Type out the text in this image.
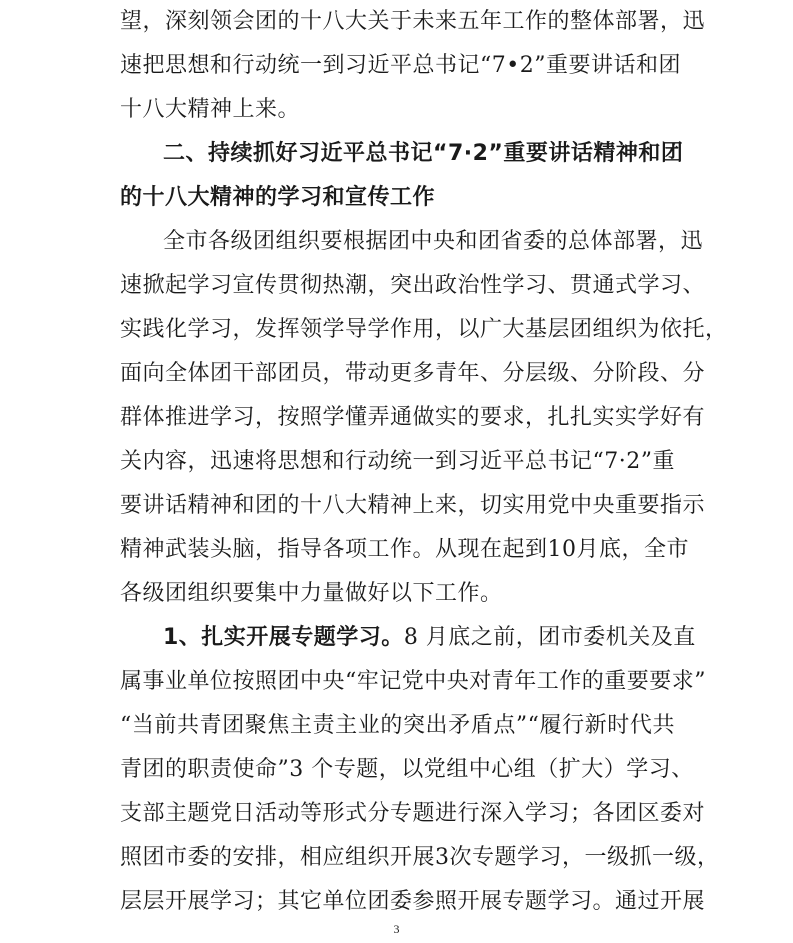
望，深刻领会团的十八大关于未来五年工作的整体部署，迅
速把思想和行动统一到习近平总书记“7•2”重要讲话和团
十八大精神上来。
二、持续抓好习近平总书记“7·2”重要讲话精神和团
的十八大精神的学习和宣传工作
全市各级团组织要根据团中央和团省委的总体部署，迅
速掀起学习宣传贯彻热潮，突出政治性学习、贯通式学习、
实践化学习，发挥领学导学作用，以广大基层团组织为依托，
面向全体团干部团员，带动更多青年、分层级、分阶段、分
群体推进学习，按照学懂弄通做实的要求，扎扎实实学好有
关内容，迅速将思想和行动统一到习近平总书记“7·2”重
要讲话精神和团的十八大精神上来，切实用党中央重要指示
精神武装头脑，指导各项工作。从现在起到10月底，全市
各级团组织要集中力量做好以下工作。
1、扎实开展专题学习。 8 月底之前，团市委机关及直
属事业单位按照团中央“牢记党中央对青年工作的重要要求”
“当前共青团聚焦主责主业的突出矛盾点”“履行新时代共
青团的职责使命”3 个专题，以党组中心组（扩大）学习、
支部主题党日活动等形式分专题进行深入学习；各团区委对
照团市委的安排，相应组织开展3次专题学习，一级抓一级，
层层开展学习；其它单位团委参照开展专题学习。通过开展
3
